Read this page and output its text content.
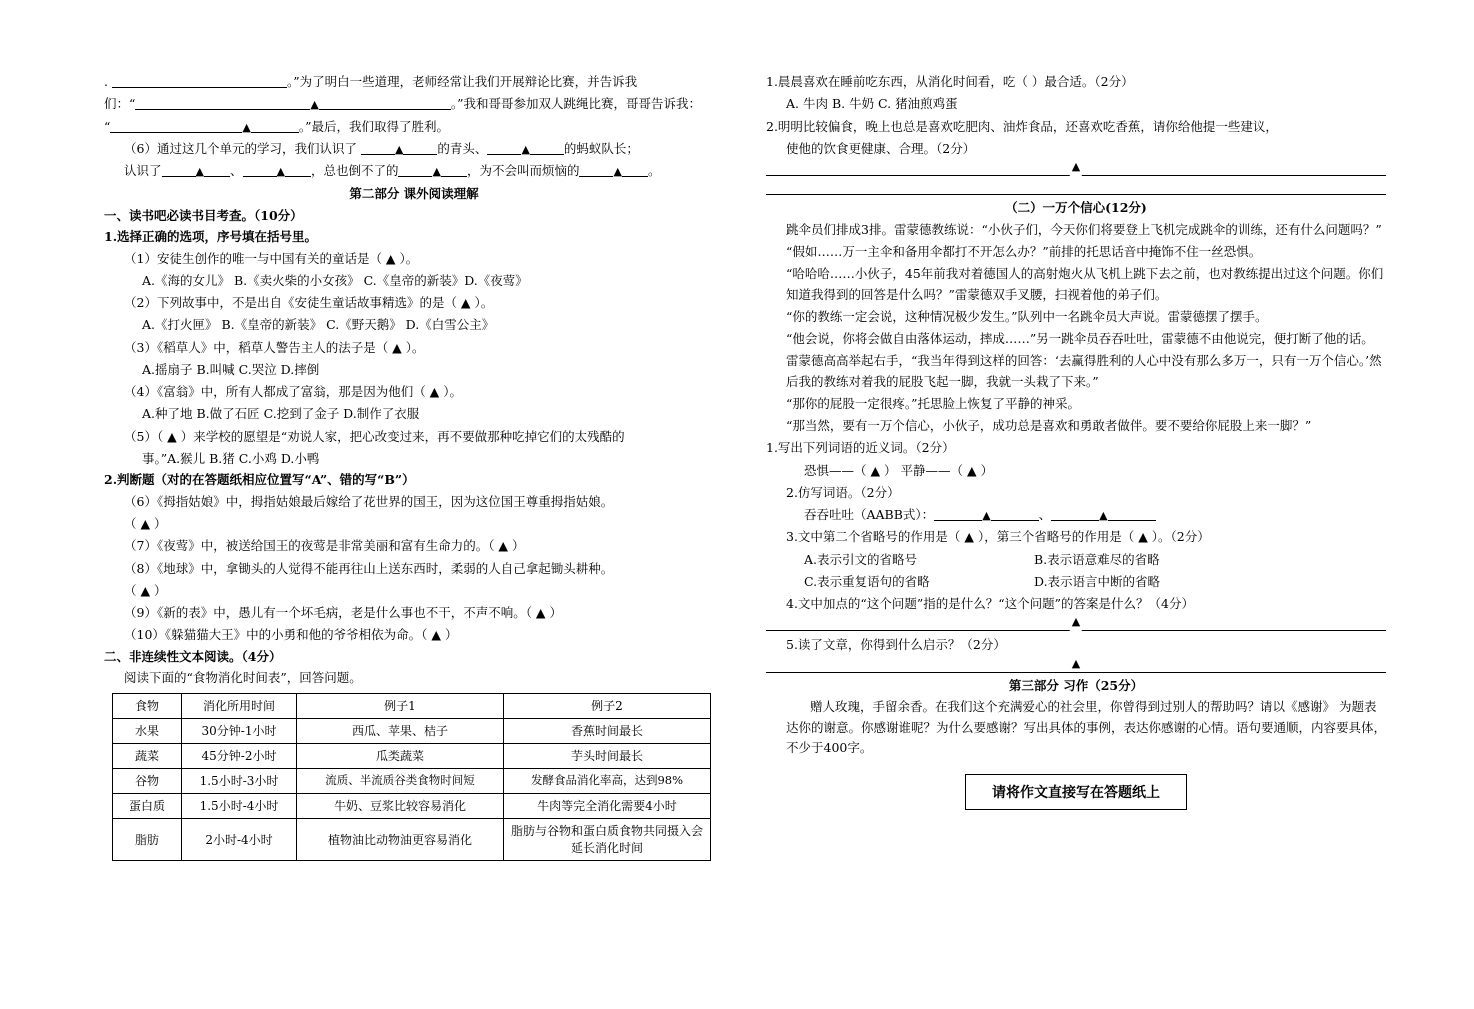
.	。”为了明白一些道理，老师经常让我们开展辩论比赛，并告诉我

们：“	▲	。”我和哥哥参加双人跳绳比赛，哥哥告诉我：

“	▲	。”最后，我们取得了胜利。

（6）通过这几个单元的学习，我们认识了	▲	的青头、	▲	的蚂蚁队长；

认识了	▲ 、	▲ ，总也倒不了的	▲ ，为不会叫而烦恼的	▲ 。

第二部分 课外阅读理解

一、读书吧必读书目考查。（10分）

1.选择正确的选项，序号填在括号里。

（1）安徒生创作的唯一与中国有关的童话是（ ▲ ）。

A.《海的女儿》 B.《卖火柴的小女孩》 C.《皇帝的新装》D.《夜莺》

（2）下列故事中，不是出自《安徒生童话故事精选》的是（ ▲ ）。

A.《打火匣》 B.《皇帝的新装》 C.《野天鹅》 D.《白雪公主》

（3）《稻草人》中，稻草人警告主人的法子是（ ▲ ）。

A.摇扇子 B.叫喊 C.哭泣 D.摔倒

（4）《富翁》中，所有人都成了富翁，那是因为他们（ ▲ ）。

A.种了地 B.做了石匠 C.挖到了金子 D.制作了衣服

（5）（ ▲ ）来学校的愿望是“劝说人家，把心改变过来，再不要做那种吃掉它们的太残酷的

事。”A.猴儿 B.猪 C.小鸡 D.小鸭

2.判断题（对的在答题纸相应位置写“A”、错的写“B”）

（6）《拇指姑娘》中，拇指姑娘最后嫁给了花世界的国王，因为这位国王尊重拇指姑娘。

（ ▲ ）

（7）《夜莺》中，被送给国王的夜莺是非常美丽和富有生命力的。（ ▲ ）

（8）《地球》中，拿锄头的人觉得不能再往山上送东西时，柔弱的人自己拿起锄头耕种。

（ ▲ ）

（9）《新的表》中，愚儿有一个坏毛病，老是什么事也不干，不声不响。（ ▲ ）

（10）《躲猫猫大王》中的小勇和他的爷爷相依为命。（ ▲ ）

二、非连续性文本阅读。（4分）

阅读下面的“食物消化时间表”，回答问题。

食物	消化所用时间	例子1	例子2
水果	30分钟-1小时	西瓜、苹果、桔子	香蕉时间最长
蔬菜	45分钟-2小时	瓜类蔬菜	芋头时间最长
谷物	1.5小时-3小时	流质、半流质谷类食物时间短	发酵食品消化率高，达到98%
蛋白质	1.5小时-4小时	牛奶、豆浆比较容易消化	牛肉等完全消化需要4小时
脂肪	2小时-4小时	植物油比动物油更容易消化	脂肪与谷物和蛋白质食物共同摄入会延长消化时间

1.晨晨喜欢在睡前吃东西，从消化时间看，吃（ ）最合适。（2分）

A. 牛肉 B. 牛奶 C. 猪油煎鸡蛋

2.明明比较偏食，晚上也总是喜欢吃肥肉、油炸食品，还喜欢吃香蕉，请你给他提一些建议，

使他的饮食更健康、合理。（2分）

▲

（二）一万个信心(12分)

跳伞员们排成3排。雷蒙德教练说：“小伙子们，今天你们将要登上飞机完成跳伞的训练，还有什么问题吗？”

“假如……万一主伞和备用伞都打不开怎么办？”前排的托思话音中掩饰不住一丝恐惧。

“哈哈哈……小伙子，45年前我对着德国人的高射炮火从飞机上跳下去之前，也对教练提出过这个问题。你们知道我得到的回答是什么吗？”雷蒙德双手叉腰，扫视着他的弟子们。

“你的教练一定会说，这种情况极少发生。”队列中一名跳伞员大声说。雷蒙德摆了摆手。

“他会说，你将会做自由落体运动，摔成……”另一跳伞员吞吞吐吐，雷蒙德不由他说完，便打断了他的话。

雷蒙德高高举起右手，“我当年得到这样的回答：‘去赢得胜利的人心中没有那么多万一，只有一万个信心。’然后我的教练对着我的屁股飞起一脚，我就一头栽了下来。”

“那你的屁股一定很疼。”托思脸上恢复了平静的神采。

“那当然，要有一万个信心，小伙子，成功总是喜欢和勇敢者做伴。要不要给你屁股上来一脚？”

1.写出下列词语的近义词。（2分）

恐惧——（ ▲ ） 平静——（ ▲ ）

2.仿写词语。（2分）

吞吞吐吐（AABB式）：	▲	、	▲

3.文中第二个省略号的作用是（ ▲ ），第三个省略号的作用是（ ▲ ）。（2分）

A.表示引文的省略号	B.表示语意难尽的省略

C.表示重复语句的省略	D.表示语言中断的省略

4.文中加点的“这个问题”指的是什么？“这个问题”的答案是什么？（4分）

▲

5.读了文章，你得到什么启示？（2分）

▲

第三部分 习作（25分）

赠人玫瑰，手留余香。在我们这个充满爱心的社会里，你曾得到过别人的帮助吗？请以《感谢》 为题表达你的谢意。你感谢谁呢？为什么要感谢？写出具体的事例，表达你感谢的心情。语句要通顺，内容要具体，不少于400字。

请将作文直接写在答题纸上
